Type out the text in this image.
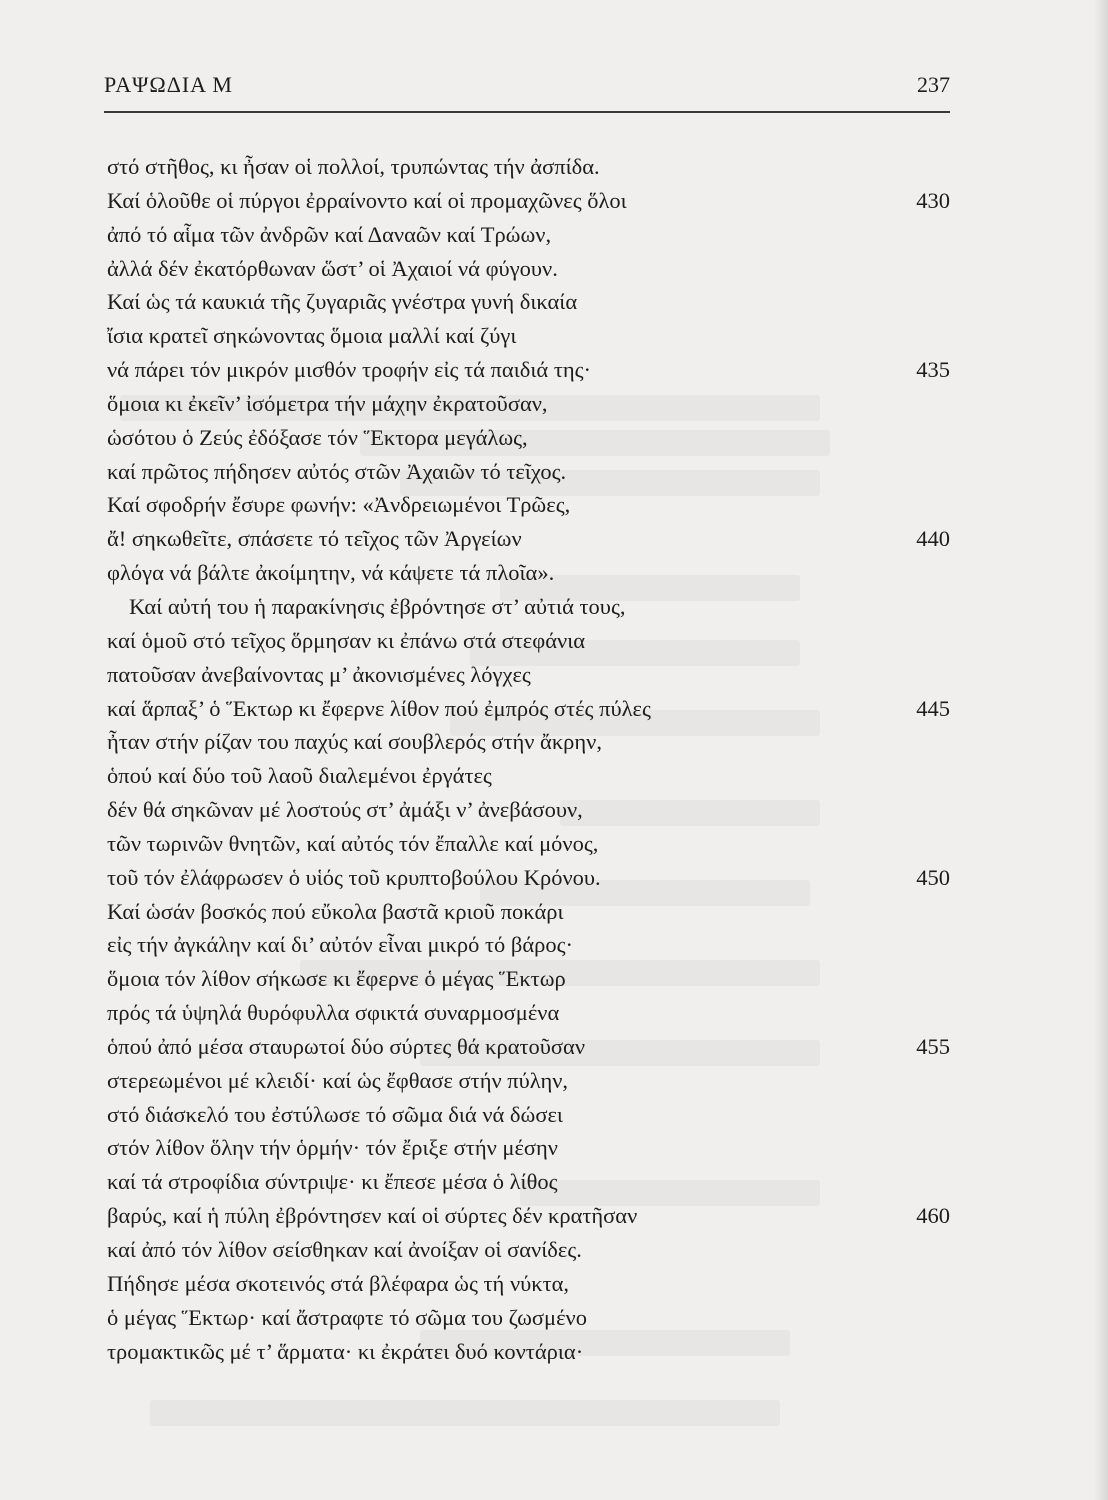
ΡΑΨΩΔΙΑ Μ	237
στό στῆθος, κι ἦσαν οἱ πολλοί, τρυπώντας τήν ἀσπίδα.
Καί ὁλοῦθε οἱ πύργοι ἐρραίνοντο καί οἱ προμαχῶνες ὅλοι	430
ἀπό τό αἷμα τῶν ἀνδρῶν καί Δαναῶν καί Τρώων,
ἀλλά δέν ἐκατόρθωναν ὥστ’ οἱ Ἀχαιοί νά φύγουν.
Καί ὡς τά καυκιά τῆς ζυγαριᾶς γνέστρα γυνή δικαία
ἴσια κρατεῖ σηκώνοντας ὅμοια μαλλί καί ζύγι
νά πάρει τόν μικρόν μισθόν τροφήν εἰς τά παιδιά της·	435
ὅμοια κι ἐκεῖν’ ἰσόμετρα τήν μάχην ἐκρατοῦσαν,
ὡσότου ὁ Ζεύς ἐδόξασε τόν Ἕκτορα μεγάλως,
καί πρῶτος πήδησεν αὐτός στῶν Ἀχαιῶν τό τεῖχος.
Καί σφοδρήν ἔσυρε φωνήν: «Ἀνδρειωμένοι Τρῶες,
ἄ! σηκωθεῖτε, σπάσετε τό τεῖχος τῶν Ἀργείων	440
φλόγα νά βάλτε ἀκοίμητην, νά κάψετε τά πλοῖα».
Καί αὐτή του ἡ παρακίνησις ἐβρόντησε στ’ αὐτιά τους,
καί ὁμοῦ στό τεῖχος ὅρμησαν κι ἐπάνω στά στεφάνια
πατοῦσαν ἀνεβαίνοντας μ’ ἀκονισμένες λόγχες
καί ἅρπαξ’ ὁ Ἕκτωρ κι ἔφερνε λίθον πού ἐμπρός στές πύλες	445
ἦταν στήν ρίζαν του παχύς καί σουβλερός στήν ἄκρην,
ὁπού καί δύο τοῦ λαοῦ διαλεμένοι ἐργάτες
δέν θά σηκῶναν μέ λοστούς στ’ ἀμάξι ν’ ἀνεβάσουν,
τῶν τωρινῶν θνητῶν, καί αὐτός τόν ἔπαλλε καί μόνος,
τοῦ τόν ἐλάφρωσεν ὁ υἱός τοῦ κρυπτοβούλου Κρόνου.	450
Καί ὡσάν βοσκός πού εὔκολα βαστᾶ κριοῦ ποκάρι
εἰς τήν ἀγκάλην καί δι’ αὐτόν εἶναι μικρό τό βάρος·
ὅμοια τόν λίθον σήκωσε κι ἔφερνε ὁ μέγας Ἕκτωρ
πρός τά ὑψηλά θυρόφυλλα σφικτά συναρμοσμένα
ὁπού ἀπό μέσα σταυρωτοί δύο σύρτες θά κρατοῦσαν	455
στερεωμένοι μέ κλειδί· καί ὡς ἔφθασε στήν πύλην,
στό διάσκελό του ἐστύλωσε τό σῶμα διά νά δώσει
στόν λίθον ὅλην τήν ὁρμήν· τόν ἔριξε στήν μέσην
καί τά στροφίδια σύντριψε· κι ἔπεσε μέσα ὁ λίθος
βαρύς, καί ἡ πύλη ἐβρόντησεν καί οἱ σύρτες δέν κρατῆσαν	460
καί ἀπό τόν λίθον σείσθηκαν καί ἀνοίξαν οἱ σανίδες.
Πήδησε μέσα σκοτεινός στά βλέφαρα ὡς τή νύκτα,
ὁ μέγας Ἕκτωρ· καί ἄστραφτε τό σῶμα του ζωσμένο
τρομακτικῶς μέ τ’ ἅρματα· κι ἐκράτει δυό κοντάρια·
